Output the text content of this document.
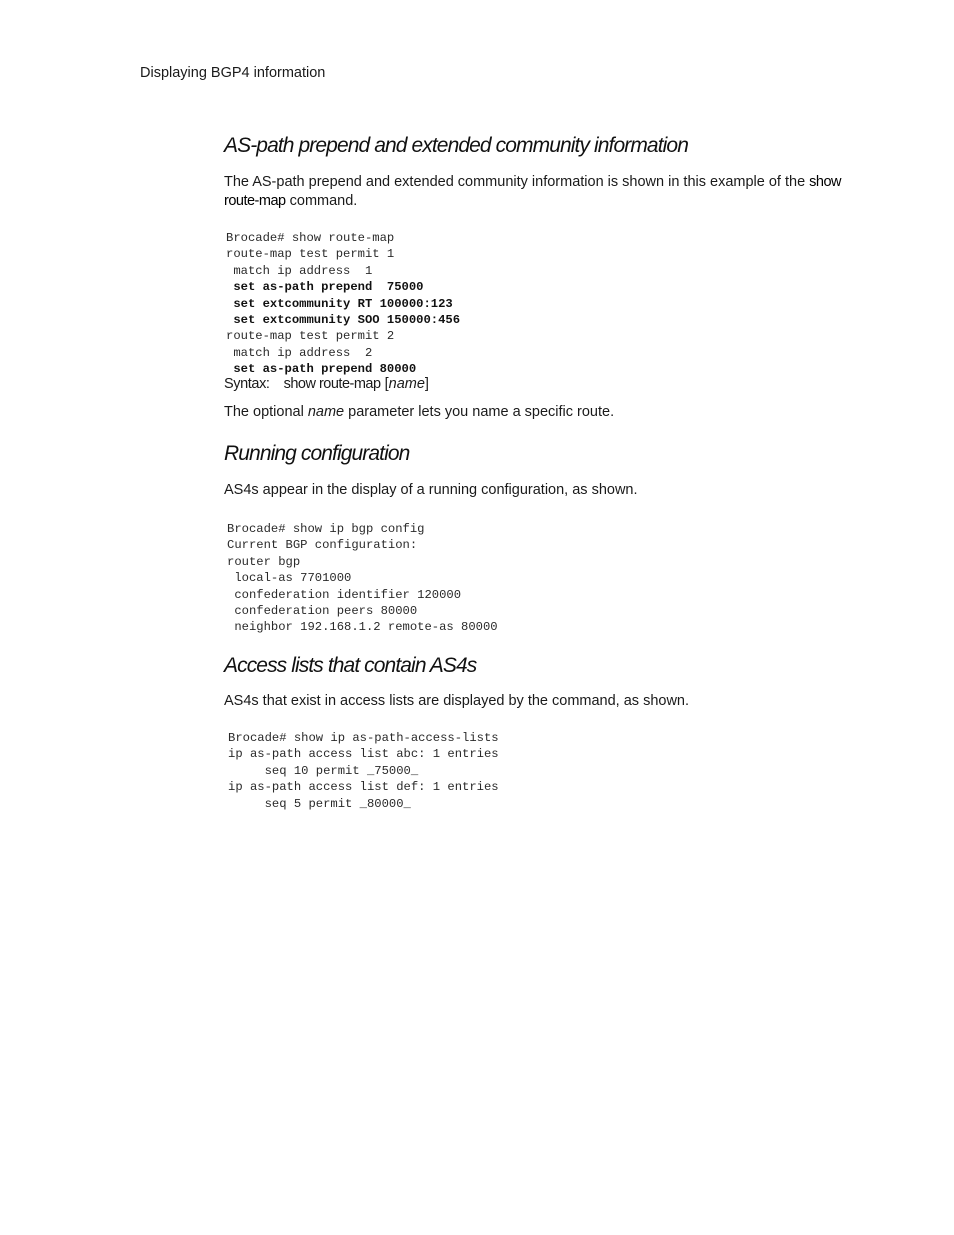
Displaying BGP4 information

AS-path prepend and extended community information

The AS-path prepend and extended community information is shown in this example of the show route-map command.

Brocade# show route-map
route-map test permit 1
match ip address  1
set as-path prepend  75000
set extcommunity RT 100000:123
set extcommunity SOO 150000:456
route-map test permit 2
match ip address  2
set as-path prepend 80000

Syntax: show route-map [name]

The optional name parameter lets you name a specific route.

Running configuration

AS4s appear in the display of a running configuration, as shown.

Brocade# show ip bgp config
Current BGP configuration:
router bgp
local-as 7701000
confederation identifier 120000
confederation peers 80000
neighbor 192.168.1.2 remote-as 80000
Access lists that contain AS4s

AS4s that exist in access lists are displayed by the command, as shown.

Brocade# show ip as-path-access-lists
ip as-path access list abc: 1 entries
seq 10 permit _75000_
ip as-path access list def: 1 entries
seq 5 permit _80000_
